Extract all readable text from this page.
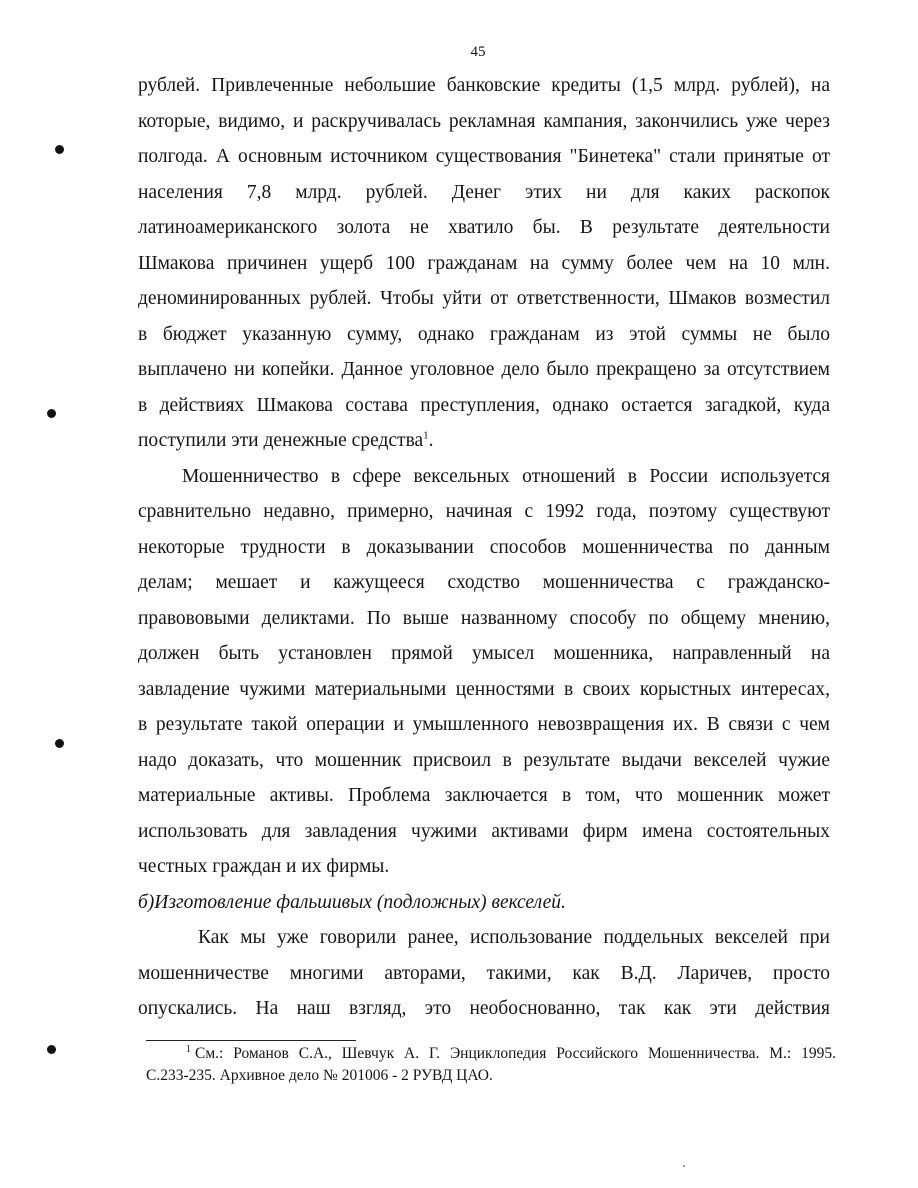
45

рублей. Привлеченные небольшие банковские кредиты (1,5 млрд. рублей), на

которые, видимо, и раскручивалась рекламная кампания, закончились уже через

полгода. А основным источником существования "Бинетека" стали принятые от

населения 7,8 млрд. рублей. Денег этих ни для каких раскопок

латиноамериканского золота не хватило бы. В результате деятельности

Шмакова причинен ущерб 100 гражданам на сумму более чем на 10 млн.

деноминированных рублей. Чтобы уйти от ответственности, Шмаков возместил

в бюджет указанную сумму, однако гражданам из этой суммы не было

выплачено ни копейки. Данное уголовное дело было прекращено за отсутствием

в действиях Шмакова состава преступления, однако остается загадкой, куда

поступили эти денежные средства$^1$.

Мошенничество в сфере вексельных отношений в России используется

сравнительно недавно, примерно, начиная с 1992 года, поэтому существуют

некоторые трудности в доказывании способов мошенничества по данным

делам; мешает и кажущееся сходство мошенничества с гражданско-

правововыми деликтами. По выше названному способу по общему мнению,

должен быть установлен прямой умысел мошенника, направленный на

завладение чужими материальными ценностями в своих корыстных интересах,

в результате такой операции и умышленного невозвращения их. В связи с чем

надо доказать, что мошенник присвоил в результате выдачи векселей чужие

материальные активы. Проблема заключается в том, что мошенник может

использовать для завладения чужими активами фирм имена состоятельных

честных граждан и их фирмы.

б)Изготовление фальшивых (подложных) векселей.

Как мы уже говорили ранее, использование поддельных векселей при

мошенничестве многими авторами, такими, как В.Д. Ларичев, просто

опускались. На наш взгляд, это необоснованно, так как эти действия

$^1$ См.: Романов С.А., Шевчук А. Г. Энциклопедия Российского Мошенничества. М.: 1995.

С.233-235. Архивное дело № 201006 - 2 РУВД ЦАО.
